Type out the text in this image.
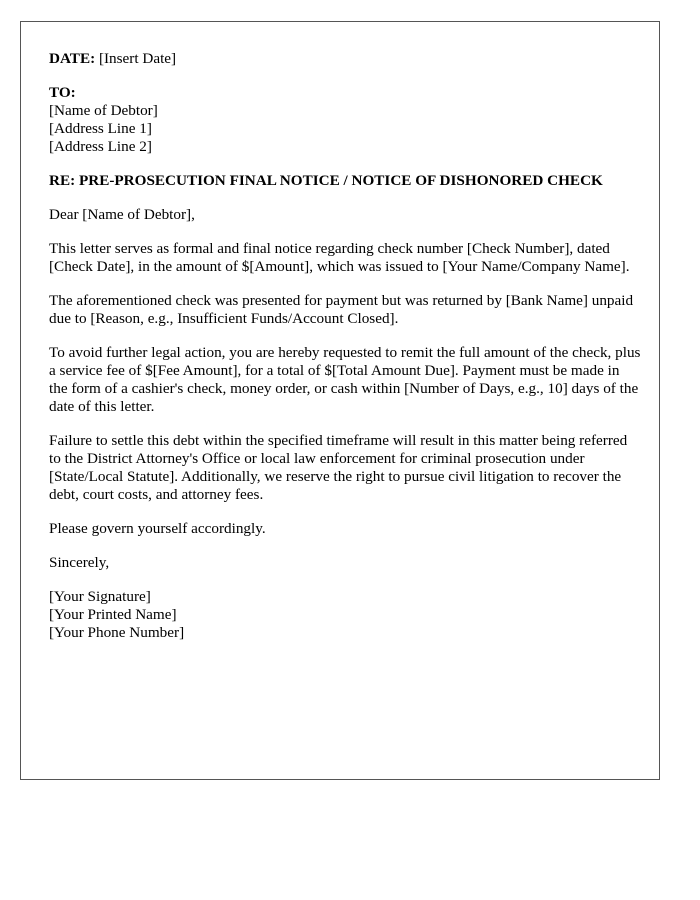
DATE: [Insert Date]
TO:
[Name of Debtor]
[Address Line 1]
[Address Line 2]
RE: PRE-PROSECUTION FINAL NOTICE / NOTICE OF DISHONORED CHECK

Dear [Name of Debtor],

This letter serves as formal and final notice regarding check number [Check Number], dated [Check Date], in the amount of $[Amount], which was issued to [Your Name/Company Name].

The aforementioned check was presented for payment but was returned by [Bank Name] unpaid due to [Reason, e.g., Insufficient Funds/Account Closed].

To avoid further legal action, you are hereby requested to remit the full amount of the check, plus a service fee of $[Fee Amount], for a total of $[Total Amount Due]. Payment must be made in the form of a cashier's check, money order, or cash within [Number of Days, e.g., 10] days of the date of this letter.

Failure to settle this debt within the specified timeframe will result in this matter being referred to the District Attorney's Office or local law enforcement for criminal prosecution under [State/Local Statute]. Additionally, we reserve the right to pursue civil litigation to recover the debt, court costs, and attorney fees.

Please govern yourself accordingly.

Sincerely,

[Your Signature]
[Your Printed Name]
[Your Phone Number]
